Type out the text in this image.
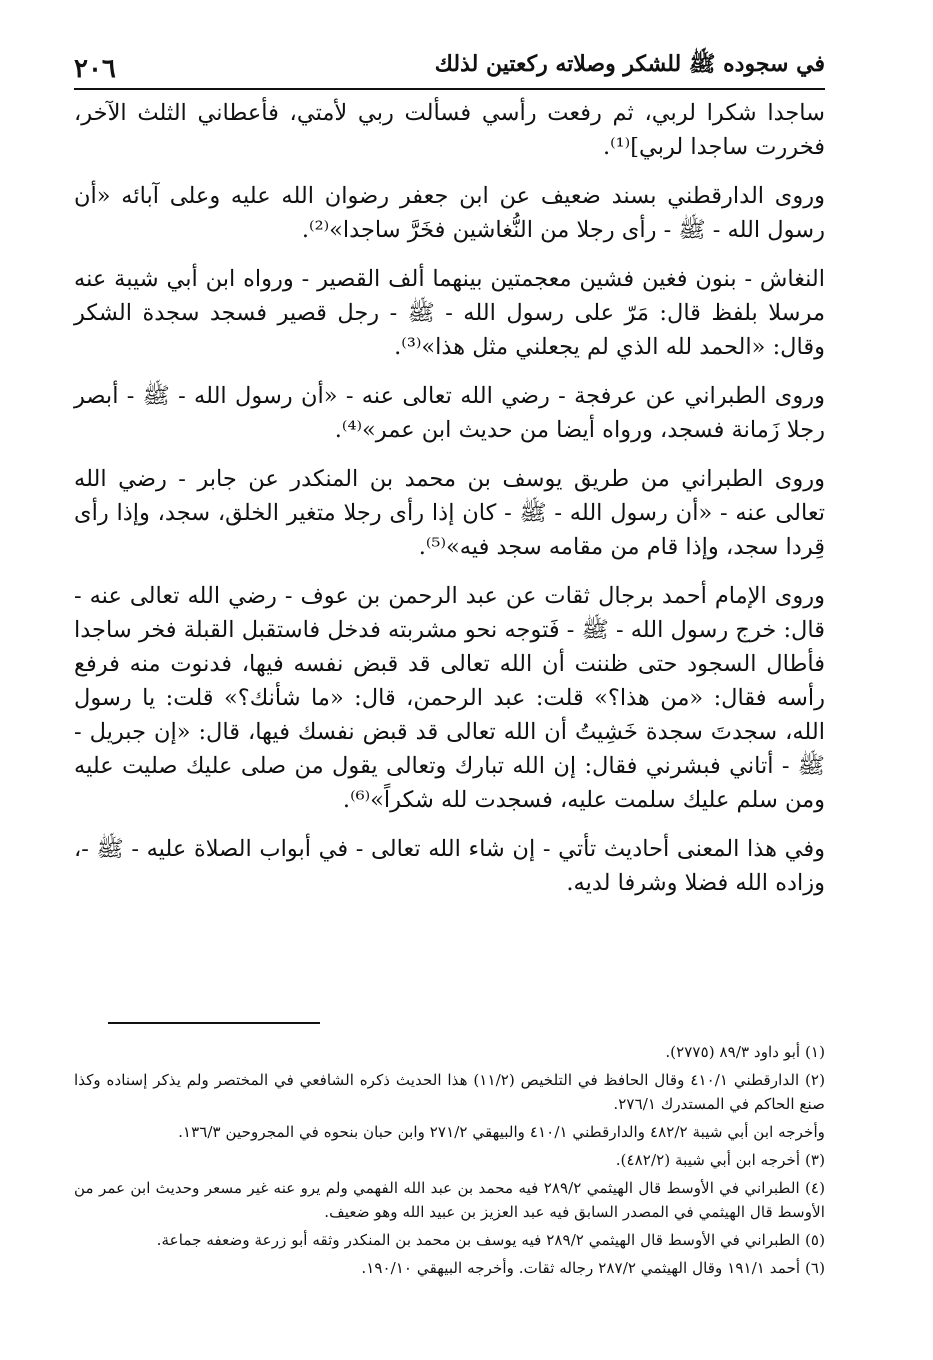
في سجوده ﷺ للشكر وصلاته ركعتين لذلك
٢٠٦

ساجدا شكرا لربي، ثم رفعت رأسي فسألت ربي لأمتي، فأعطاني الثلث الآخر، فخررت ساجدا لربي]⁽¹⁾.

وروى الدارقطني بسند ضعيف عن ابن جعفر رضوان الله عليه وعلى آبائه «أن رسول الله - ﷺ - رأى رجلا من النُّغاشين فخَرَّ ساجدا»⁽²⁾.

النغاش - بنون فغين فشين معجمتين بينهما ألف القصير - ورواه ابن أبي شيبة عنه مرسلا بلفظ قال: مَرّ على رسول الله - ﷺ - رجل قصير فسجد سجدة الشكر وقال: «الحمد لله الذي لم يجعلني مثل هذا»⁽³⁾.

وروى الطبراني عن عرفجة - رضي الله تعالى عنه - «أن رسول الله - ﷺ - أبصر رجلا زَمانة فسجد، ورواه أيضا من حديث ابن عمر»⁽⁴⁾.

وروى الطبراني من طريق يوسف بن محمد بن المنكدر عن جابر - رضي الله تعالى عنه - «أن رسول الله - ﷺ - كان إذا رأى رجلا متغير الخلق، سجد، وإذا رأى قِردا سجد، وإذا قام من مقامه سجد فيه»⁽⁵⁾.

وروى الإمام أحمد برجال ثقات عن عبد الرحمن بن عوف - رضي الله تعالى عنه - قال: خرج رسول الله - ﷺ - فَتوجه نحو مشربته فدخل فاستقبل القبلة فخر ساجدا فأطال السجود حتى ظننت أن الله تعالى قد قبض نفسه فيها، فدنوت منه فرفع رأسه فقال: «من هذا؟» قلت: عبد الرحمن، قال: «ما شأنك؟» قلت: يا رسول الله، سجدتَ سجدة خَشِيتُ أن الله تعالى قد قبض نفسك فيها، قال: «إن جبريل - ﷺ - أتاني فبشرني فقال: إن الله تبارك وتعالى يقول من صلى عليك صليت عليه ومن سلم عليك سلمت عليه، فسجدت لله شكراً»⁽⁶⁾.

وفي هذا المعنى أحاديث تأتي - إن شاء الله تعالى - في أبواب الصلاة عليه - ﷺ -، وزاده الله فضلا وشرفا لديه.

(١) أبو داود ٨٩/٣ (٢٧٧٥).

(٢) الدارقطني ٤١٠/١ وقال الحافظ في التلخيص (١١/٢) هذا الحديث ذكره الشافعي في المختصر ولم يذكر إسناده وكذا صنع الحاكم في المستدرك ٢٧٦/١.

وأخرجه ابن أبي شيبة ٤٨٢/٢ والدارقطني ٤١٠/١ والبيهقي ٢٧١/٢ وابن حبان بنحوه في المجروحين ١٣٦/٣.

(٣) أخرجه ابن أبي شيبة (٤٨٢/٢).

(٤) الطبراني في الأوسط قال الهيثمي ٢٨٩/٢ فيه محمد بن عبد الله الفهمي ولم يرو عنه غير مسعر وحديث ابن عمر من الأوسط قال الهيثمي في المصدر السابق فيه عبد العزيز بن عبيد الله وهو ضعيف.

(٥) الطبراني في الأوسط قال الهيثمي ٢٨٩/٢ فيه يوسف بن محمد بن المنكدر وثقه أبو زرعة وضعفه جماعة.

(٦) أحمد ١٩١/١ وقال الهيثمي ٢٨٧/٢ رجاله ثقات. وأخرجه البيهقي ١٩٠/١٠.
